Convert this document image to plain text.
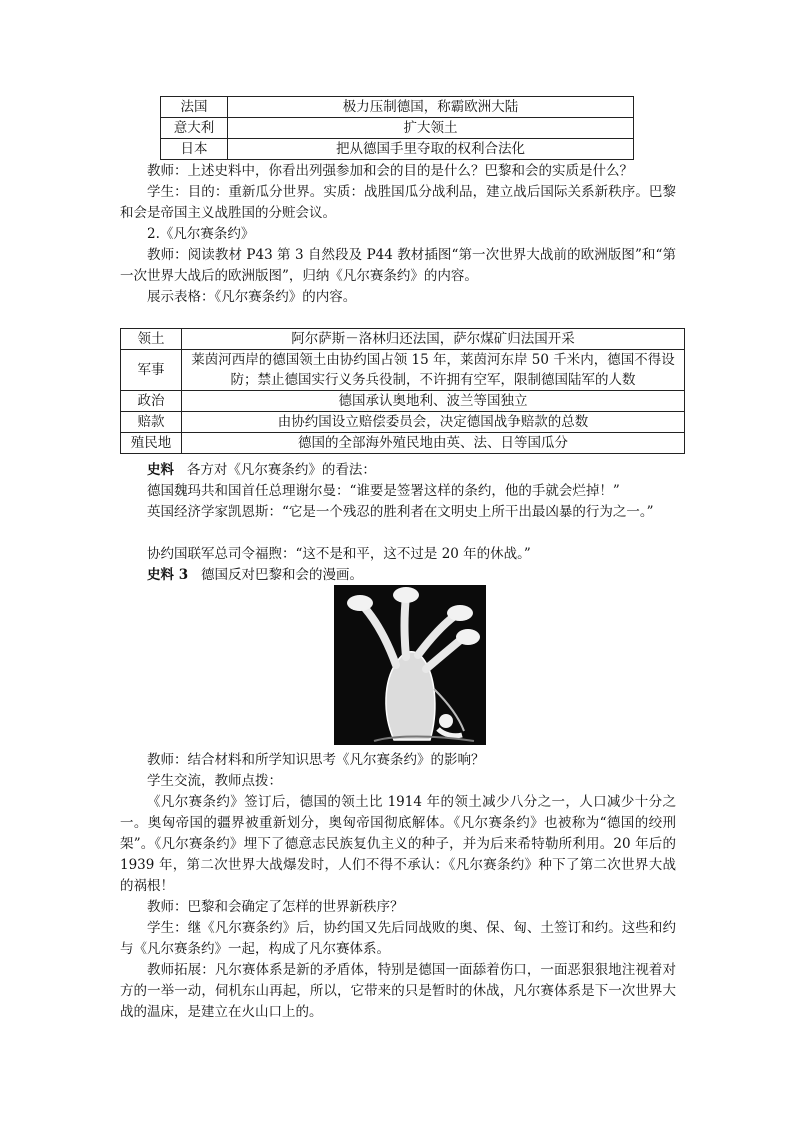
法国	极力压制德国，称霸欧洲大陆
意大利	扩大领土
日本	把从德国手里夺取的权利合法化
教师：上述史料中，你看出列强参加和会的目的是什么？巴黎和会的实质是什么？
学生：目的：重新瓜分世界。实质：战胜国瓜分战利品，建立战后国际关系新秩序。巴黎和会是帝国主义战胜国的分赃会议。
2.《凡尔赛条约》
教师：阅读教材 P43 第 3 自然段及 P44 教材插图“第一次世界大战前的欧洲版图”和“第一次世界大战后的欧洲版图”，归纳《凡尔赛条约》的内容。
展示表格：《凡尔赛条约》的内容。
领土	阿尔萨斯－洛林归还法国，萨尔煤矿归法国开采
军事	莱茵河西岸的德国领土由协约国占领 15 年，莱茵河东岸 50 千米内，德国不得设防；禁止德国实行义务兵役制，不许拥有空军，限制德国陆军的人数
政治	德国承认奥地利、波兰等国独立
赔款	由协约国设立赔偿委员会，决定德国战争赔款的总数
殖民地	德国的全部海外殖民地由英、法、日等国瓜分
史料 各方对《凡尔赛条约》的看法：
德国魏玛共和国首任总理谢尔曼：“谁要是签署这样的条约，他的手就会烂掉！”
英国经济学家凯恩斯：“它是一个残忍的胜利者在文明史上所干出最凶暴的行为之一。”
协约国联军总司令福煦：“这不是和平，这不过是 20 年的休战。”
史料 3 德国反对巴黎和会的漫画。
教师：结合材料和所学知识思考《凡尔赛条约》的影响？
学生交流，教师点拨：
《凡尔赛条约》签订后，德国的领土比 1914 年的领土减少八分之一，人口减少十分之一。奥匈帝国的疆界被重新划分，奥匈帝国彻底解体。《凡尔赛条约》也被称为“德国的绞刑架”。《凡尔赛条约》埋下了德意志民族复仇主义的种子，并为后来希特勒所利用。20 年后的 1939 年，第二次世界大战爆发时，人们不得不承认：《凡尔赛条约》种下了第二次世界大战的祸根！
教师：巴黎和会确定了怎样的世界新秩序？
学生：继《凡尔赛条约》后，协约国又先后同战败的奥、保、匈、土签订和约。这些和约与《凡尔赛条约》一起，构成了凡尔赛体系。
教师拓展：凡尔赛体系是新的矛盾体，特别是德国一面舔着伤口，一面恶狠狠地注视着对方的一举一动，伺机东山再起，所以，它带来的只是暂时的休战，凡尔赛体系是下一次世界大战的温床，是建立在火山口上的。
